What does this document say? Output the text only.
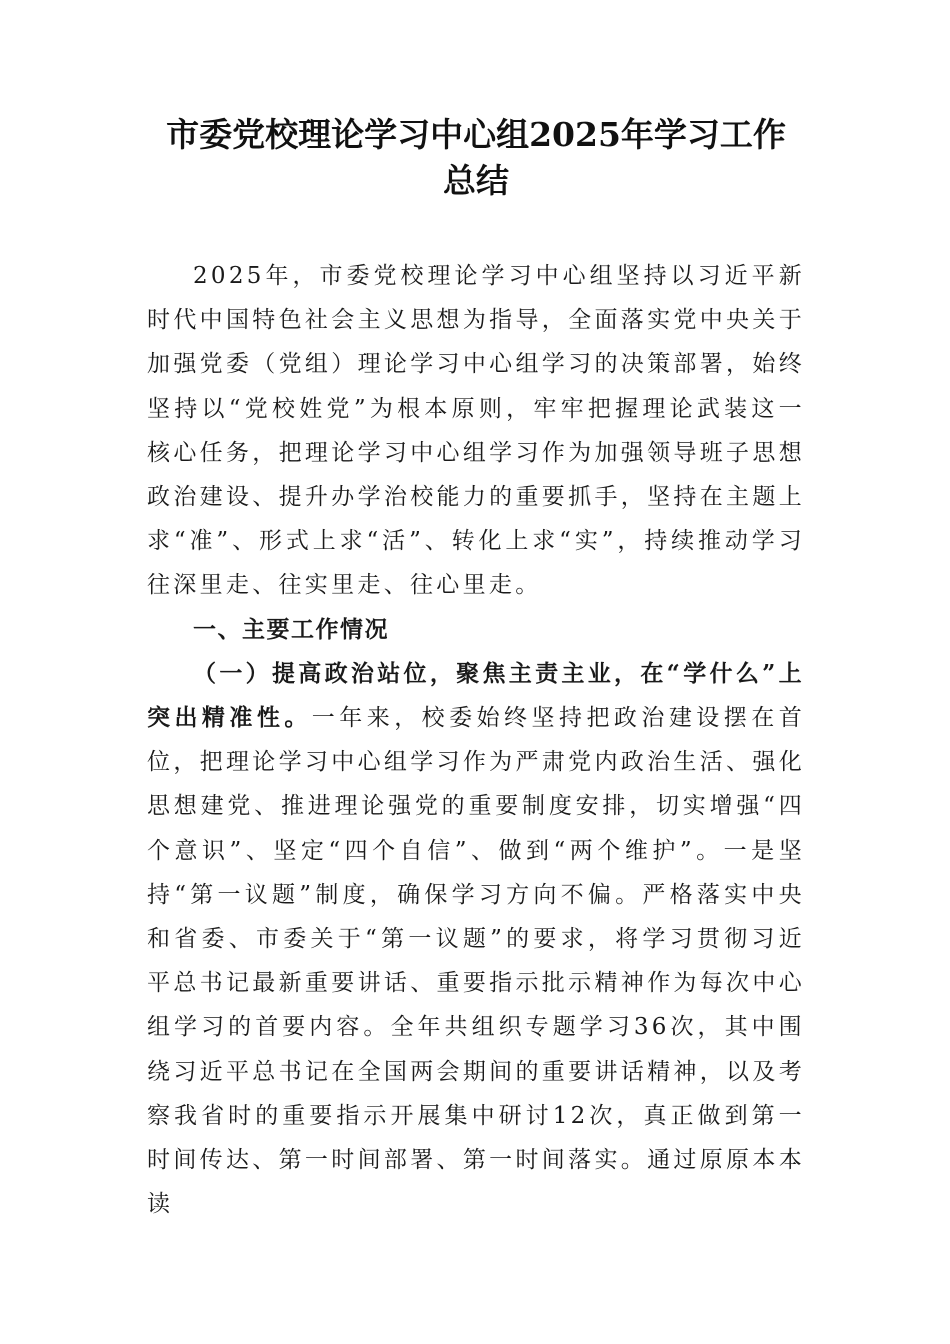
市委党校理论学习中心组2025年学习工作
总结

2025年，市委党校理论学习中心组坚持以习近平新时代中国特色社会主义思想为指导，全面落实党中央关于加强党委（党组）理论学习中心组学习的决策部署，始终坚持以“党校姓党”为根本原则，牢牢把握理论武装这一核心任务，把理论学习中心组学习作为加强领导班子思想政治建设、提升办学治校能力的重要抓手，坚持在主题上求“准”、形式上求“活”、转化上求“实”，持续推动学习往深里走、往实里走、往心里走。

一、主要工作情况

（一）提高政治站位，聚焦主责主业，在“学什么”上突出精准性。一年来，校委始终坚持把政治建设摆在首位，把理论学习中心组学习作为严肃党内政治生活、强化思想建党、推进理论强党的重要制度安排，切实增强“四个意识”、坚定“四个自信”、做到“两个维护”。一是坚持“第一议题”制度，确保学习方向不偏。严格落实中央和省委、市委关于“第一议题”的要求，将学习贯彻习近平总书记最新重要讲话、重要指示批示精神作为每次中心组学习的首要内容。全年共组织专题学习36次，其中围绕习近平总书记在全国两会期间的重要讲话精神，以及考察我省时的重要指示开展集中研讨12次，真正做到第一时间传达、第一时间部署、第一时间落实。通过原原本本读
